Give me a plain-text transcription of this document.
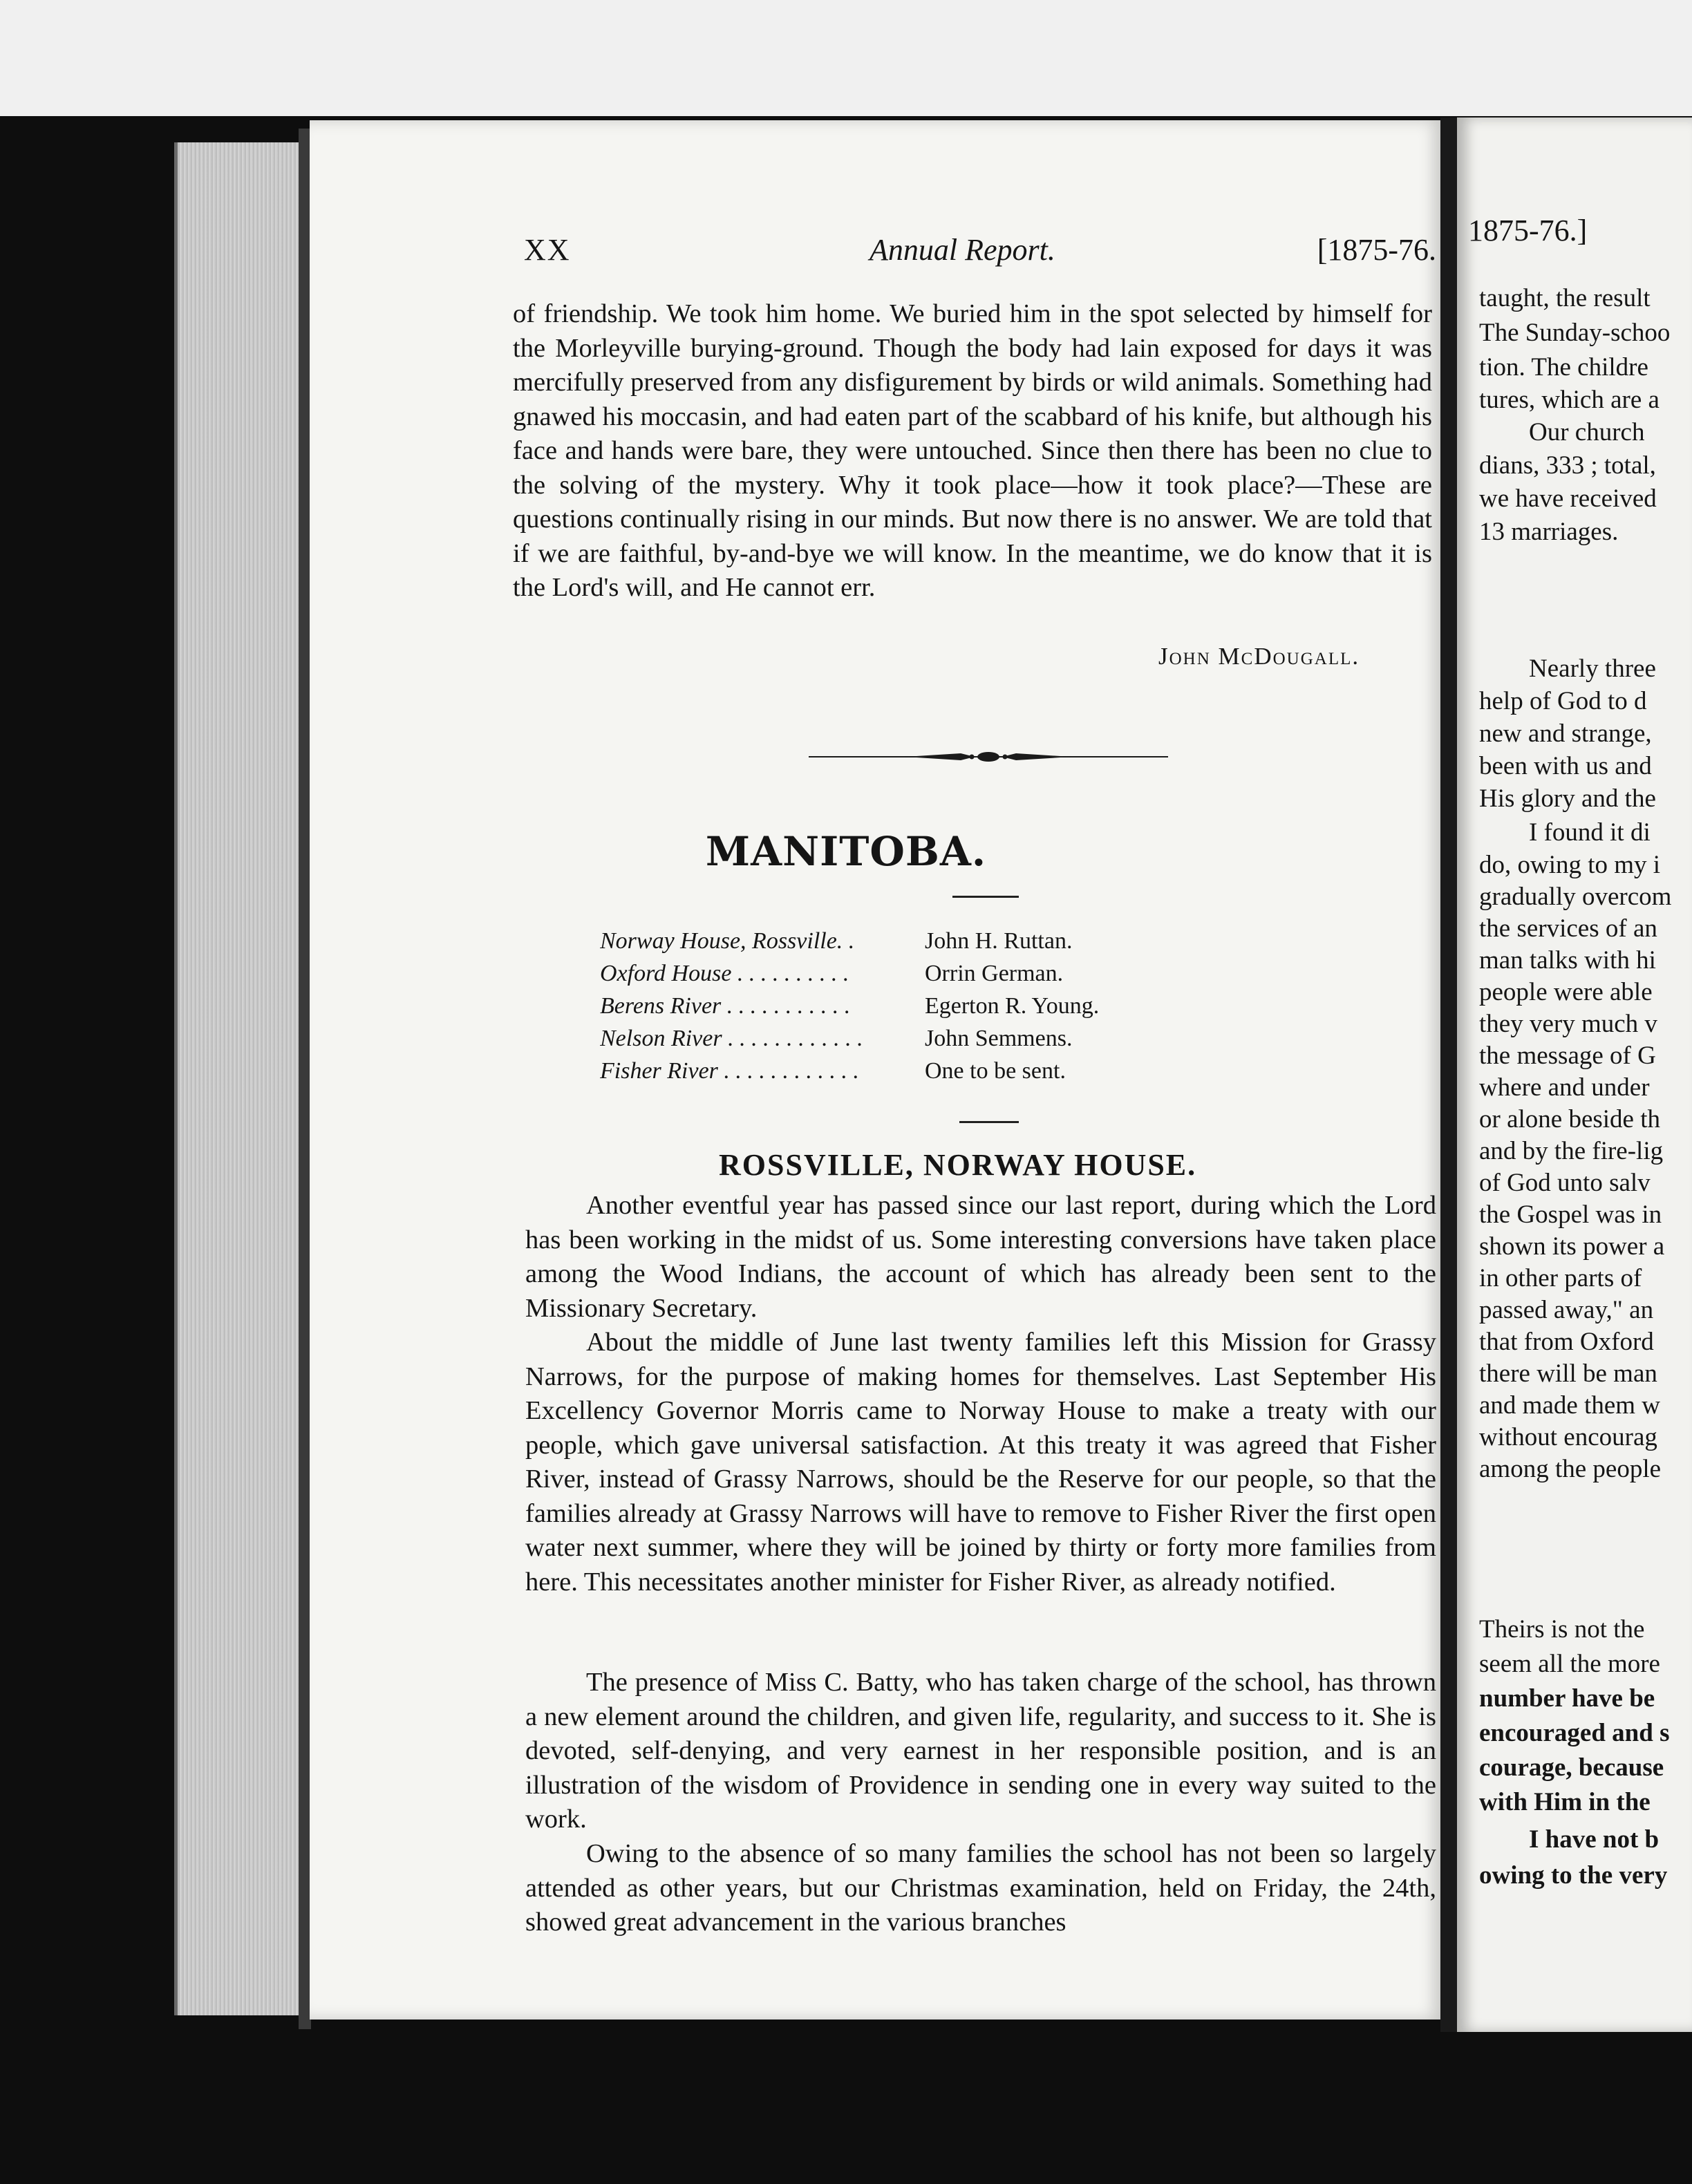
XX	Annual Report.	[1875-76.

of friendship. We took him home. We buried him in the spot selected by himself for the Morleyville burying-ground. Though the body had lain exposed for days it was mercifully preserved from any disfigurement by birds or wild animals. Something had gnawed his moccasin, and had eaten part of the scabbard of his knife, but although his face and hands were bare, they were untouched. Since then there has been no clue to the solving of the mystery. Why it took place—how it took place?—These are questions continually rising in our minds. But now there is no answer. We are told that if we are faithful, by-and-bye we will know. In the meantime, we do know that it is the Lord's will, and He cannot err.

John McDougall.
MANITOBA.
Norway House, Rossville. .	John H. Ruttan.
Oxford House . . . . . . . . . .	Orrin German.
Berens River . . . . . . . . . . .	Egerton R. Young.
Nelson River . . . . . . . . . . . .	John Semmens.
Fisher River . . . . . . . . . . . .	One to be sent.
ROSSVILLE, NORWAY HOUSE.

Another eventful year has passed since our last report, during which the Lord has been working in the midst of us. Some interesting conversions have taken place among the Wood Indians, the account of which has already been sent to the Missionary Secretary.

About the middle of June last twenty families left this Mission for Grassy Narrows, for the purpose of making homes for themselves. Last September His Excellency Governor Morris came to Norway House to make a treaty with our people, which gave universal satisfaction. At this treaty it was agreed that Fisher River, instead of Grassy Narrows, should be the Reserve for our people, so that the families already at Grassy Narrows will have to remove to Fisher River the first open water next summer, where they will be joined by thirty or forty more families from here. This necessitates another minister for Fisher River, as already notified.

The presence of Miss C. Batty, who has taken charge of the school, has thrown a new element around the children, and given life, regularity, and success to it. She is devoted, self-denying, and very earnest in her responsible position, and is an illustration of the wisdom of Providence in sending one in every way suited to the work.

Owing to the absence of so many families the school has not been so largely attended as other years, but our Christmas examination, held on Friday, the 24th, showed great advancement in the various branches

1875-76.]
taught, the result
The Sunday-schoo
tion. The childre
tures, which are a
Our church
dians, 333 ; total,
we have received
13 marriages.
Nearly three
help of God to d
new and strange,
been with us and
His glory and the
I found it di
do, owing to my i
gradually overcom
the services of an
man talks with hi
people were able
they very much v
the message of G
where and under
or alone beside th
and by the fire-lig
of God unto salv
the Gospel was in
shown its power a
in other parts of
passed away," an
that from Oxford
there will be man
and made them w
without encourag
among the people
Theirs is not the
seem all the more
number have be
encouraged and s
courage, because
with Him in the
I have not b
owing to the very
